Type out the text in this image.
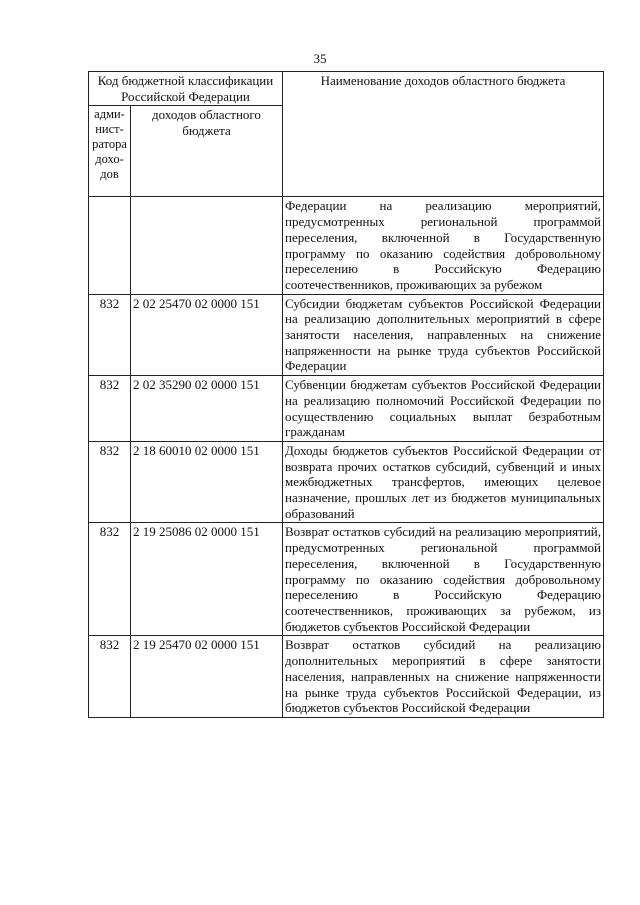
35
Код бюджетной классификации Российской Федерации		Наименование доходов областного бюджета
адми-нист-ратора дохо-дов	доходов областного бюджета	
		Федерации на реализацию мероприятий, предусмотренных региональной программой переселения, включенной в Государственную программу по оказанию содействия добровольному переселению в Российскую Федерацию соотечественников, проживающих за рубежом
832	2 02 25470 02 0000 151	Субсидии бюджетам субъектов Российской Федерации на реализацию дополнительных мероприятий в сфере занятости населения, направленных на снижение напряженности на рынке труда субъектов Российской Федерации
832	2 02 35290 02 0000 151	Субвенции бюджетам субъектов Российской Федерации на реализацию полномочий Российской Федерации по осуществлению социальных выплат безработным гражданам
832	2 18 60010 02 0000 151	Доходы бюджетов субъектов Российской Федерации от возврата прочих остатков субсидий, субвенций и иных межбюджетных трансфертов, имеющих целевое назначение, прошлых лет из бюджетов муниципальных образований
832	2 19 25086 02 0000 151	Возврат остатков субсидий на реализацию мероприятий, предусмотренных региональной программой переселения, включенной в Государственную программу по оказанию содействия добровольному переселению в Российскую Федерацию соотечественников, проживающих за рубежом, из бюджетов субъектов Российской Федерации
832	2 19 25470 02 0000 151	Возврат остатков субсидий на реализацию дополнительных мероприятий в сфере занятости населения, направленных на снижение напряженности на рынке труда субъектов Российской Федерации, из бюджетов субъектов Российской Федерации
